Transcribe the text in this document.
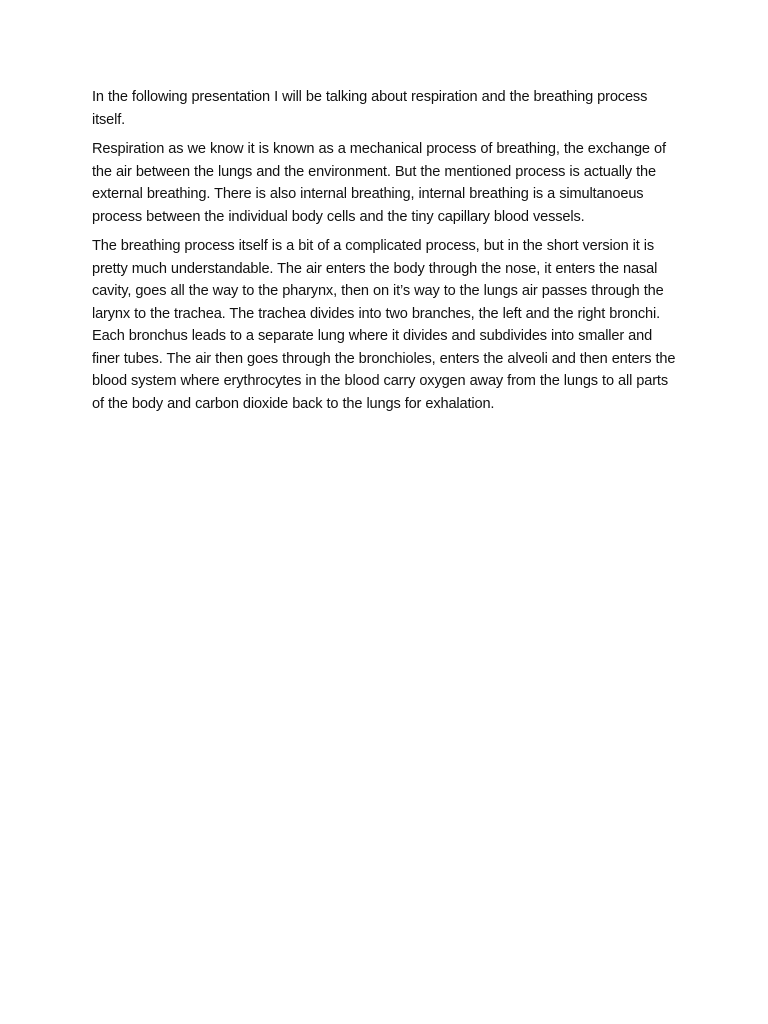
In the following presentation I will be talking about respiration and the breathing process itself.

Respiration as we know it is known as a mechanical process of breathing, the exchange of the air between the lungs and the environment. But the mentioned process is actually the external breathing. There is also internal breathing, internal breathing is a simultanoeus process between the individual body cells and the tiny capillary blood vessels.

The breathing process itself is a bit of a complicated process, but in the short version it is pretty much understandable. The air enters the body through the nose, it enters the nasal cavity, goes all the way to the pharynx, then on it’s way to the lungs air passes through the larynx to the trachea. The trachea divides into two branches, the left and the right bronchi. Each bronchus leads to a separate lung where it divides and subdivides into smaller and finer tubes. The air then goes through the bronchioles, enters the alveoli and then enters the blood system where erythrocytes in the blood carry oxygen away from the lungs to all parts of the body and carbon dioxide back to the lungs for exhalation.
